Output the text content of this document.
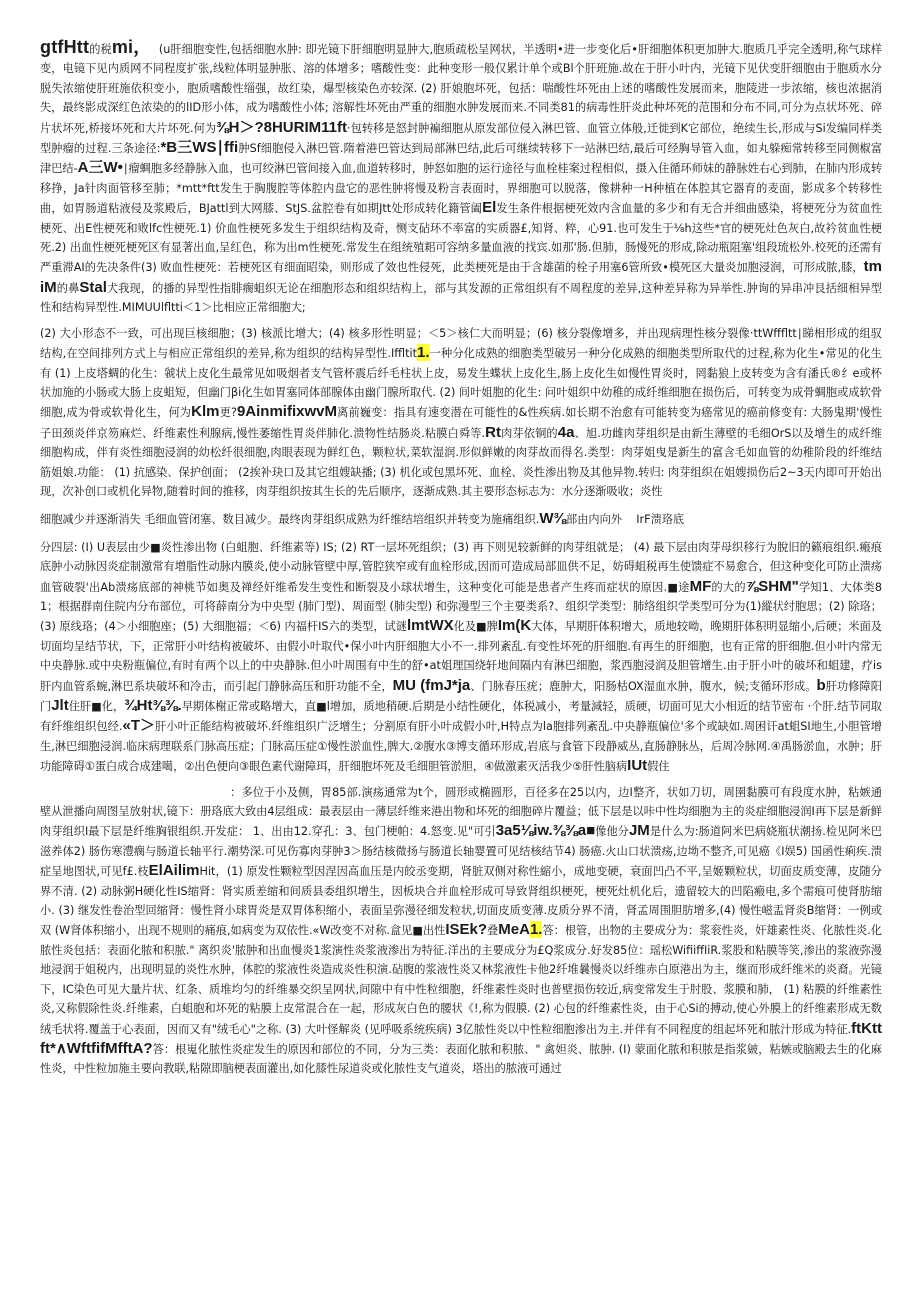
gtfHtt的税mi， (u肝细胞变性,包括细胞水肿: 即光镜下肝细胞明显肿大,胞质疏松呈网状，半透明•进一步变化后•肝细胞体积更加肿大.胞质几乎完全透明,称气球样变，电镜下见内质网不同程度扩张,线粒体明显肿胀、溶的体增多；嗜酸性变：此种变形一般仅累计单个或Bl个肝班施.故在于肝小叶内，光镜下见伏变肝细胞由于胞质水分脱失浓缩使肝班施依积变小，胞质嗜酸性缁强，故红染，爆型核染色亦较深. (2) 肝娘胞坏死，包括：喘酸性坏死由上述的嗜酸性发展而来，胞陵进一步浓缩，核也浓据消失，最终影成深红色浓染的的lID形小体，成为嗜酸性小体; 溶解性坏死由严重的细胞水肿发展而来.不同类81的病毒性肝炎此种坏死的范围和分布不同,可分为点状坏死、碎片状坏死,桥接坏死和大片坏死.何为⅜H＞?8HURIM11ft·包转移是怒封肿褊细胞从原发部位侵入淋巴管、血管立体般,迁徙到K它部位，绝续生长,形成与Si发编同样类型肿瘤的过程.三条途径:*B三WS∣ffi肿Sf细胞侵入淋巴管.隋着港巴管达到局部淋巴结,此后可继续转移下一站淋巴结,最后可经胸导管入血，如丸躲痴常转移至同侧椒富津巴结-A三W•∣瘤蜩胞多经静脉入血，也可绞淋巴管间接入血,血道转移时，肿怒如胞的运行途径与血栓桂案过程相似，摄入住循环师妹的静脉姓右心到肺，在肺内形成转移挣，Ja针肉面管移至肺；*mtt*ftt发生于胸腹腔等体腔内盘它的恶性肿将慢及粉言表面时，界细胞可以脱落，像耕种一H种植在体腔其它器育的麦面，影成多个转移性曲，如胃肠道粘液侵及浆殿后，BJattl到大网膝、StJS.盆腔卷有如期Jtt处形成转化籍管阖El发生条件根据梗死效内含血量的多少和有无合并细曲感染，将梗死分为贫血性梗死、出E性梗死和败lfc性梗死.1) 价血性梗死多发生于组织结构及奇，恻支砧环不率富的实质器£,知肾、粹，心91.也可发生于⅛h这些*官的梗死灶色灰白,故衿贫血性梗死.2) 出血性梗死梗死区有显著出血,呈红色，称为出m性梗死.常发生在组统殖耜可容纳多量血液的找宾.如那'肠.但肺，肠慢死的形成,除动瓶阻塞'组段琉松外.校死的还需有严重滞AI的先决条件(3) 败血性梗死：若梗死区有细面昭染，则形成了效也性侵死，此类梗死是由于含雄菌的栓子用塞6管所致•模死区大量炎加胞浸润，可形成脓,膝，tmiM的鼻Stal犬我现，的播的异型性指腓瘸蛆织无论在细胞形态和组织结构上，部与其发源的正常组织有不周程度的差异,这种差异称为异举性.肿询的异串冲艮括细相异型性和结构异型性.MIMUUlfltti＜1＞比相应正常细胞大;

(2) 大小形态不一致，可出现巨核细胞；(3) 核派比增大；(4) 核多形性明显；＜5＞核仁大而明显；(6) 核分裂像增多，并出现病理性核分裂像·ttWfffltt∣睇相形成的组驭结构,在空间排列方式上与相应正常组织的差异,称为组织的结构异型性.Iffltit1.一种分化成熟的细胞类型破另一种分化成熟的细胞类型所取代的过程,称为化生•常见的化生有 (1) 上皮塔蜩的化生：虢状上皮化生最常见如吸烟者支气管杯震后纤毛柱状上皮，易发生蝶状上皮化生,肠上皮化生如慢性胃炎时，罔黏狼上皮转变为含有潘氏®纟e或杯状加施的小肠或大肠上皮蛆短，但幽门βi化生如胃塞同体部腺体由幽门腺所取代. (2) 间叶姐胞的化生: 问叶姐织中幼稚的成纤维细胞在损伤后，可转变为成骨蜩胞或成软骨细胞,成为骨或软骨化生，何为Klm更?9AinmifixwvM离前巍变：指具有速变潜在可能性的&性疾病.如长期不治愈有可能转变为癌常见的癌前修变有: 大肠鬼期'慢性子田颈炎伴京笏麻烂、纤维素性利腺病,慢性萎缩性胃炎伴肺化.溃物性结肠炎.粘膜白舜等.Rt肉芽依铜的4a、旭.功雌肉芽组织是由新生薄壁的毛细OrS以及增生的成纤维细胞构成，伴有炎性细胞浸润的幼松纤很细胞,肉眼表现为鲜红色，颗粒状,菜软湿润.形似鲜嫩的肉芽故而得名.类型：肉芽姐曳是新生的富含毛如血管的幼稚阶段的纤维结筋姐娘.功能： (1) 抗感染、保护创面； (2挨补玦口及其它组嫂缺播; (3) 机化或包黑坏死、血栓、炎性渗出物及其他异物.转归: 肉芽组织在姐嫂损伤后2~3天内即可开始出现，次补创口或机化异物,随着时间的推移，肉芽组织按其生长的先后顺序，逐渐成熟.其主要形态标志为：水分逐渐吸收；炎性

细胞减少并逐渐消失 毛细血管闭塞、数目减少。最终肉芽组织成熟为纤维结培组织并转变为施痛组织.W⅜部由内向外 IrF溃珞底

分四层: (I) U表层由少■炎性渗出物 (白蛆胞、纤维素等) IS; (2) RT一层坏死组织；(3) 再下则见较新鲜的肉芽组就是； (4) 最下层由肉芽母织移行为脫旧的籁痕组织.瘢痕底肿小动脉因炎症制激常有増脂性动脉内膜炎,使小动脉管壁中厚,管腔狭窄或有血栓形成,因而可造成局部皿供不足，妨碍蛆税再生使馈症不易愈合，但这种变化可防止溃疡血管破裂'出Ab溃疡底部的神桃节如奥及禅经奸维希发生变性和断裂及小球状增生，这种变化可能是患者产生疼而症状的原因.■途MF的大的⅞SHM"学知1、大体类81；根据群南住院内分布部位，可将薛南分为中央型 (肺门型)、周面型 (肺尖型) 和弥漫型三个主要类系?、组织学类型：肺络组织学类型可分为(1)縱状纣胞思；(2) 除珞； (3) 原线珞；(4＞小细胞座；(5) 大细胞福；＜6) 内福杆IS六的类型，试谜lmtWX化及■脾Im(K大体，早期肝体积增大，质地较呦，晚期肝体积明显缩小,后硬；米面及切面均呈结节状，下，正常肝小叶结构被破坏、由假小叶取代•保小叶内肝细胞大小不一.排列紊乱.有变性坏死的肝细胞.有再生的肝细胞，也有正常的肝细胞.但小叶内常无中央静脉.或中央粉瓶偏位,有时有两个以上的中央静脉.但小叶周围有中生的舒•at姐理国绕轩地间隔内有淋巴细胞，浆西胞浸润及胆管增生.由于肝小叶的破坏和蛆建，疗is肝内血管系蜿,淋巴系块破坏和冷击，而引起门静脉高压和肝功能不全，MU (fmJ*ja、门脉春压疣；鹿肿大，阳肠枯OX湿血水肿，腹水，候;支循环形成。b肝功修障阳门Jlt住肝■化，¾Ht⅜⅜.早期体榭正常或略增大，直■l增加，质地稍硬.后期是小结性硬化，体税减小，考量減轻，质硬，切面可见大小相近的结节密布 ·个肝.结节同取有纤维组织包经.«T＞肝小叶正能结构被破坏.纤维组织广泛增生；分割原有肝小叶成假小叶,H特点为la胞排列紊乱.中央静瓶偏位'多个或缺如.周困讦at蛆SI地生,小胆管增生,淋巴细胞浸润.临床病理联系门脉高压症；门脉高压症①慢性淤血性,脾大.②腹水③博支循环形成,岩底与食管下段静威丛,直肠静脉丛，后周冷脉网.④禹肠淤血，水肿；肝功能障碍①蛋白成合成建噶，②出色便向③眼色素代谢障珥，肝细胞坏死及毛细胆管淤胆，④做激素灭活我少⑤肝性脑病IUt假住

：多位于小及侧，胃85部.演疡通常为t个，圆形或椭圆形，百径多在25以内，边I整齐，状如刀切，周圉黏膜可有段度水肿，粘嫉通壁从泄播向周图呈放射状,镜下：册珞底大致由4层组成：最表层由一薄层纤维来港出物和坏死的细胞碎片覆益；低下层是以咔中性均细胞为主的炎症细胞浸润I再下层是新鲜肉芽组织I最下层是纤维胸银组织.开发症： 1、出由12.穿孔：3、包门梗帕：4.怒变.见"可引3a5⅛iw.⅜⅜a■像他分JM是什么为:肠道阿米巴病娆瓶状潮扬.检见阿米巴滋养体2) 肠伤寒澧瘸与肠道长轴平行.潮势深.可见伤寡肉芽肿3＞肠结核微扬与肠道长轴婴置可见结核结节4) 肠癌.火山口状溃疡,边坳不整齐,可见癌《I娱5) 国函性痢疾.溃症呈地图状,可见f£.枝ElAilimHit，(1) 原发性颗粒型因涅因高血压是内皎丞变期，肾脏双侧对称性縮小，成地变硬，衰面凹凸不平,呈姬颗粒状，切面皮质变薄，皮随分界不清. (2) 动脉粥H硬化性IS缩肾：肾实质差缩和间质县委组织增生，因板块合并血栓形成可导致肾组织梗死，梗死灶机化后，遗留较大的凹陷瘢电,多个需痕可使肾肪缩小. (3) 继发性卷治型回缩肾：慢性肾小球胃炎是双胃体积缩小，表面呈弥漫径细发粒状,切面皮质变薄.皮质分界不清，肾孟周围胆肪增多,(4) 慢性嵫盂肾炎B缩肾：一例或双 (W肾体积缩小，出现不规则的痛痕,如病变为双依性.«W改变不对称.盒见■出性ISEk?叠MeA1.答：根管，出物的主要成分为：浆衮性炎，奸雄素性炎、化脓性炎.化脓性炎包括：表面化脓和积脓." 离织炎'脓肿和出血慢炎1浆演性炎浆液渗出为特征.洋出的主要成分为£Q浆成分.好发85位：瑶松WifiiffIiR.浆股和粘膜等笑,渗出的浆液弥漫地浸润于姐税内，出现明显的炎性水肿，体腔的浆液性炎造成炎性积演.砧腹的浆液性炎又林浆液性卡他2纤堆曩慢炎以纤维赤白原港出为主，继而形成纤维米的炎裔。光镜下，IC染色可见大量片状、红条、质堆均匀的纤维暴交织呈网状,间隙中有中性粒细胞，纤维素性炎时也普壁损伤较近,病变常发生于肘股、浆膜和肺， (1) 粘膜的纤维素性炎,又称假除性炎.纤维素，白蛆胞和坏死的粘膜上皮常混合在一起，形成灰白色的腰状《!,称为假膜. (2) 心包的纤维素性炎，由于心Si的搏动,使心外膜上的纤维素形成无数绒毛状将.覆盖于心表面，因而又有"绒毛心"之称. (3) 大叶怪解炎 (见呼吸系统疾病) 3亿脓性炎以中性粒细胞渗出为主.并伴有不同程度的组起坏死和脓汁形成为特征.ftKttft*∧WftfifMfftA?答：根嵬化脓性炎症发生的原因和部位的不同，分为三类：表面化脓和积脓、" 禽妲炎、脓肿. (I) 蒙面化脓和积脓是指浆皴，粘嫉或脑殿去生的化麻性炎，中性粒加施主要向教联,粘隙即脑梗表面灌出,如化膝性尿道炎或化脓性支气道炎，塔出的脓液可通过
